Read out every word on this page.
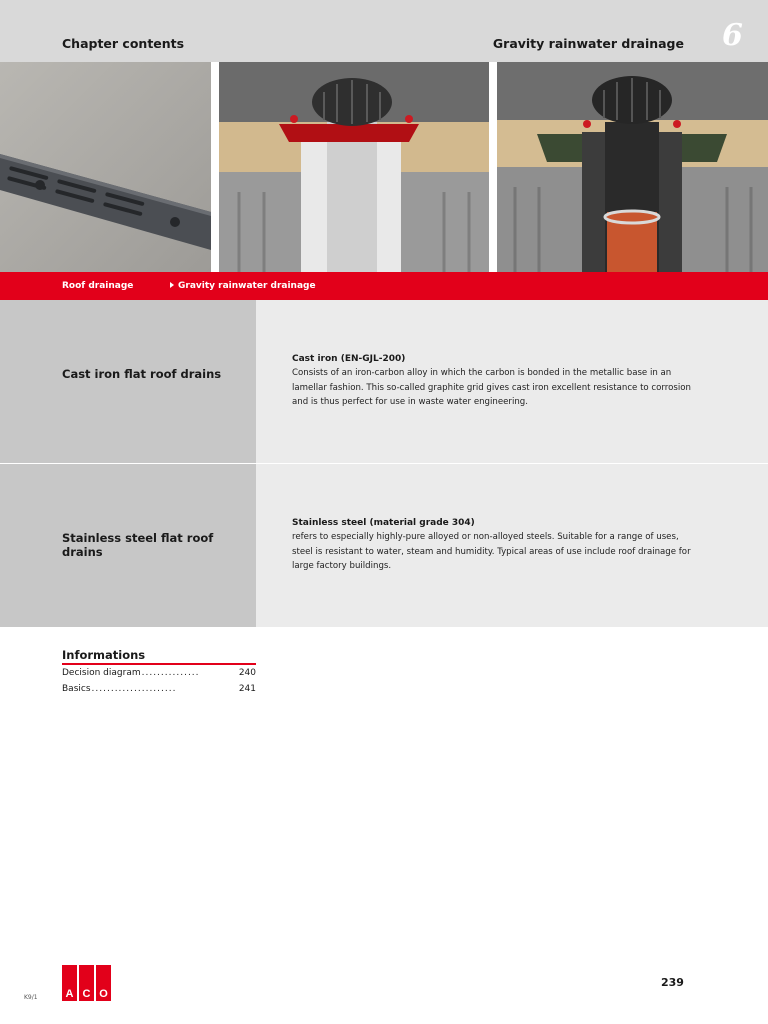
Chapter contents	Gravity rainwater drainage 6
Roof drainage	Gravity rainwater drainage
Cast iron flat roof drains
Cast iron (EN-GJL-200)
Consists of an iron-carbon alloy in which the carbon is bonded in the metallic base in an lamellar fashion. This so-called graphite grid gives cast iron excellent resistance to corrosion and is thus perfect for use in waste water engineering.
Stainless steel flat roof drains
Stainless steel (material grade 304)
refers to especially highly-pure alloyed or non-alloyed steels. Suitable for a range of uses, steel is resistant to water, steam and humidity. Typical areas of use include roof drainage for large factory buildings.
Informations
Decision diagram ...............	240
Basics ......................	241
A C O
K9/1
239
